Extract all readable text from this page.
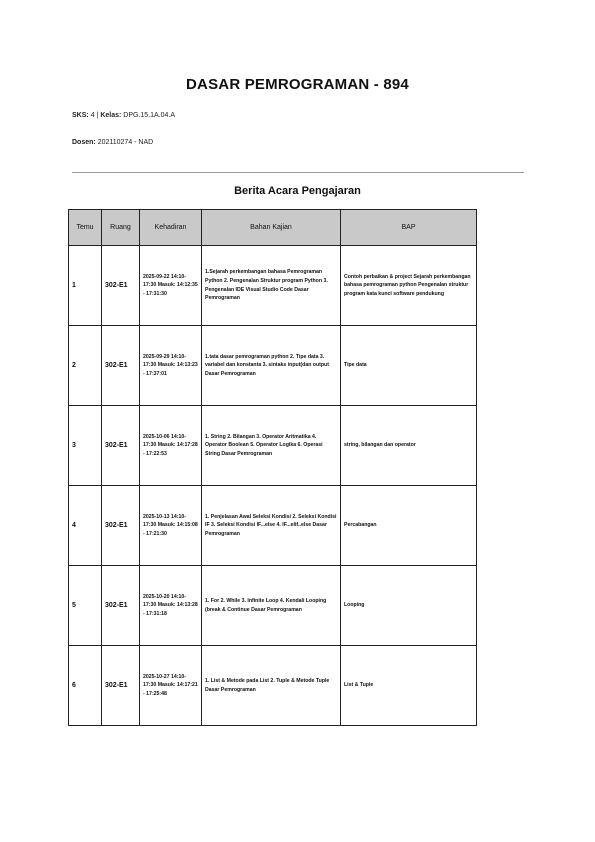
DASAR PEMROGRAMAN - 894
SKS: 4 | Kelas: DPG.15.1A.04.A
Dosen: 202110274 - NAD
Berita Acara Pengajaran
Temu	Ruang	Kehadiran	Bahan Kajian	BAP
1	302-E1	2025-09-22 14:10-17:30 Masuk: 14:12:35 - 17:31:30	1.Sejarah perkembangan bahasa Pemrograman Python 2. Pengenalan Struktur program Python 3. Pengenalan IDE Visual Studio Code Dasar Pemrograman	Contoh perbaikan & project Sejarah perkembangan bahasa pemrograman python Pengenalan struktur program kata kunci software pendukung
2	302-E1	2025-09-29 14:10-17:30 Masuk: 14:13:23 - 17:37:01	1.tata dasar pemrograman python 2. Tipe data 3. variabel dan konstanta 3. sintaks input(dan output Dasar Pemrograman	Tipe data
3	302-E1	2025-10-06 14:10-17:30 Masuk: 14:17:28 - 17:22:53	1. String 2. Bilangan 3. Operator Aritmatika 4. Operator Boolean 5. Operator Logika 6. Operasi String Dasar Pemrograman	string, bilangan dan operator
4	302-E1	2025-10-13 14:10-17:30 Masuk: 14:15:08 - 17:21:30	1. Penjelasan Awal Seleksi Kondisi 2. Seleksi Kondisi IF 3. Seleksi Kondisi IF...else 4. IF...elif..else Dasar Pemrograman	Percabangan
5	302-E1	2025-10-20 14:10-17:30 Masuk: 14:13:28 - 17:31:18	1. For 2. While 3. Infinite Loop 4. Kendali Looping (break & Continue Dasar Pemrograman	Looping
6	302-E1	2025-10-27 14:10-17:30 Masuk: 14:17:21 - 17:25:48	1. List & Metode pada List 2. Tuple & Metode Tuple Dasar Pemrograman	List & Tuple
